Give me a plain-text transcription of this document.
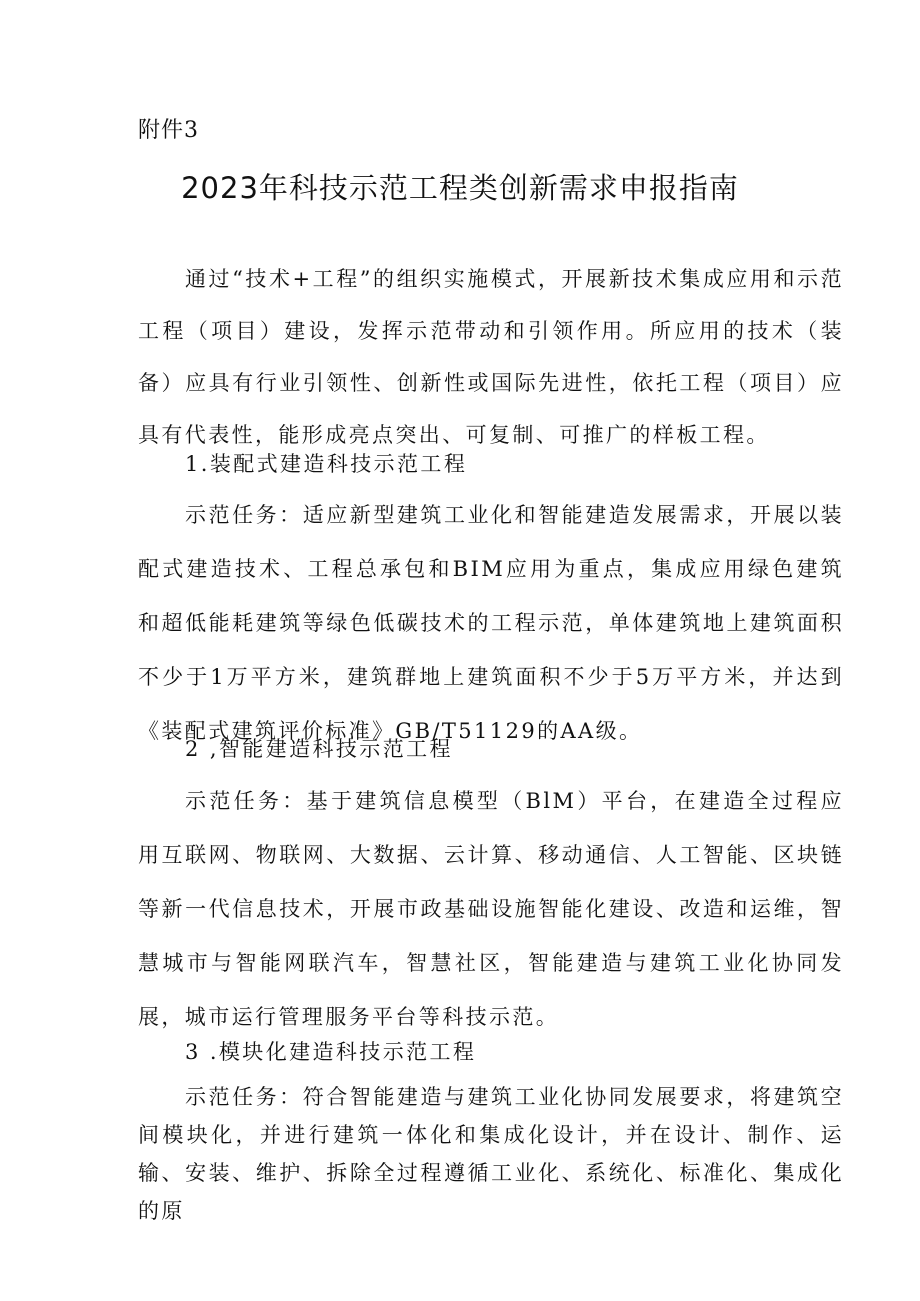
附件3
2023年科技示范工程类创新需求申报指南

通过“技术+工程”的组织实施模式，开展新技术集成应用和示范工程（项目）建设，发挥示范带动和引领作用。所应用的技术（装备）应具有行业引领性、创新性或国际先进性，依托工程（项目）应具有代表性，能形成亮点突出、可复制、可推广的样板工程。

1.装配式建造科技示范工程

示范任务：适应新型建筑工业化和智能建造发展需求，开展以装配式建造技术、工程总承包和BIM应用为重点，集成应用绿色建筑和超低能耗建筑等绿色低碳技术的工程示范，单体建筑地上建筑面积不少于1万平方米，建筑群地上建筑面积不少于5万平方米，并达到《装配式建筑评价标准》GB/T51129的AA级。

2 ,智能建造科技示范工程

示范任务：基于建筑信息模型（BlM）平台，在建造全过程应用互联网、物联网、大数据、云计算、移动通信、人工智能、区块链等新一代信息技术，开展市政基础设施智能化建设、改造和运维，智慧城市与智能网联汽车，智慧社区，智能建造与建筑工业化协同发展，城市运行管理服务平台等科技示范。

3 .模块化建造科技示范工程

示范任务：符合智能建造与建筑工业化协同发展要求，将建筑空间模块化，并进行建筑一体化和集成化设计，并在设计、制作、运输、安装、维护、拆除全过程遵循工业化、系统化、标准化、集成化的原
